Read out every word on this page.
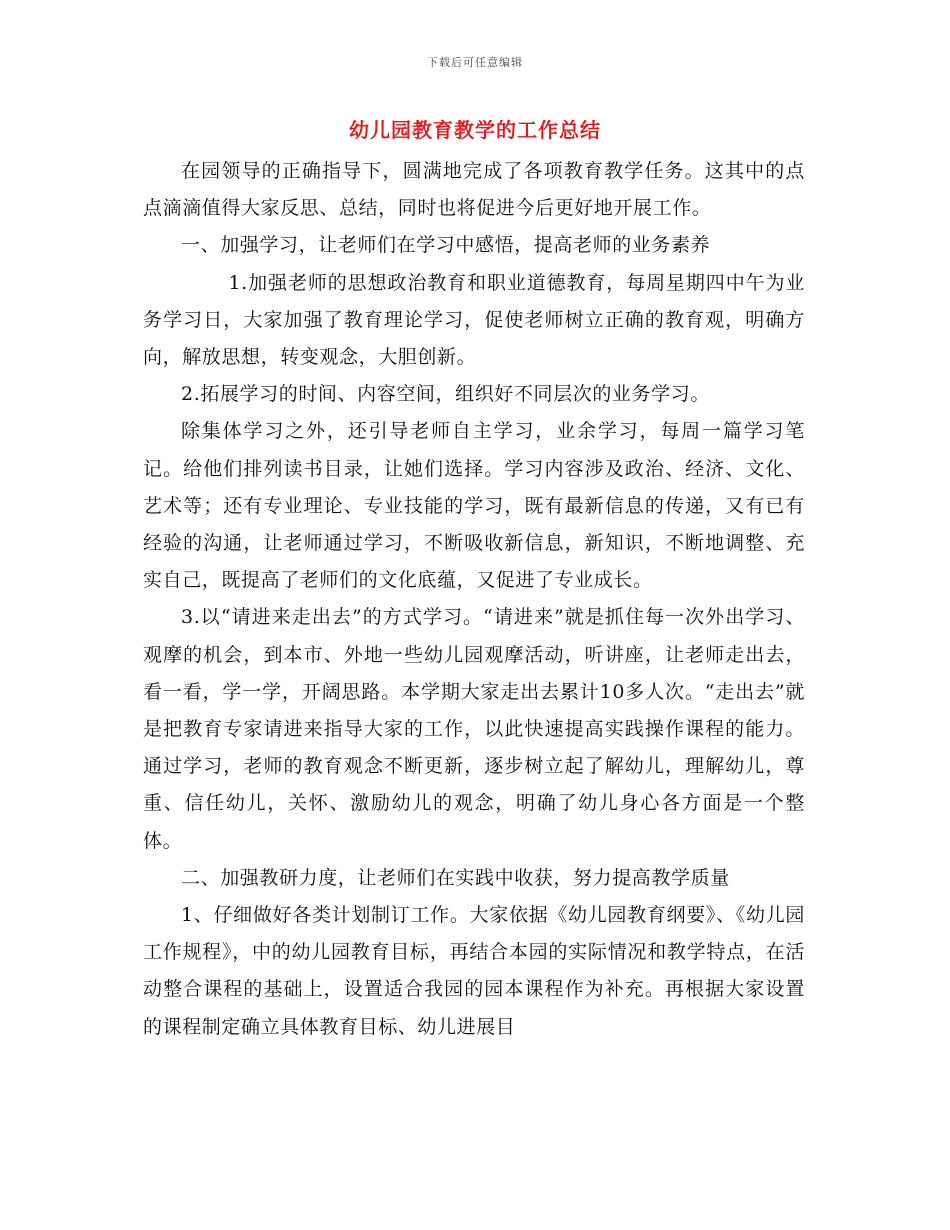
下载后可任意编辑
幼儿园教育教学的工作总结

在园领导的正确指导下，圆满地完成了各项教育教学任务。这其中的点点滴滴值得大家反思、总结，同时也将促进今后更好地开展工作。

一、加强学习，让老师们在学习中感悟，提高老师的业务素养

1.加强老师的思想政治教育和职业道德教育，每周星期四中午为业务学习日，大家加强了教育理论学习，促使老师树立正确的教育观，明确方向，解放思想，转变观念，大胆创新。

2.拓展学习的时间、内容空间，组织好不同层次的业务学习。

除集体学习之外，还引导老师自主学习，业余学习，每周一篇学习笔记。给他们排列读书目录，让她们选择。学习内容涉及政治、经济、文化、艺术等；还有专业理论、专业技能的学习，既有最新信息的传递，又有已有经验的沟通，让老师通过学习，不断吸收新信息，新知识，不断地调整、充实自己，既提高了老师们的文化底蕴，又促进了专业成长。

3.以“请进来走出去”的方式学习。“请进来”就是抓住每一次外出学习、观摩的机会，到本市、外地一些幼儿园观摩活动，听讲座，让老师走出去，看一看，学一学，开阔思路。本学期大家走出去累计10多人次。“走出去”就是把教育专家请进来指导大家的工作，以此快速提高实践操作课程的能力。通过学习，老师的教育观念不断更新，逐步树立起了解幼儿，理解幼儿，尊重、信任幼儿，关怀、激励幼儿的观念，明确了幼儿身心各方面是一个整体。

二、加强教研力度，让老师们在实践中收获，努力提高教学质量

1、仔细做好各类计划制订工作。大家依据《幼儿园教育纲要》、《幼儿园工作规程》，中的幼儿园教育目标，再结合本园的实际情况和教学特点，在活动整合课程的基础上，设置适合我园的园本课程作为补充。再根据大家设置的课程制定确立具体教育目标、幼儿进展目
